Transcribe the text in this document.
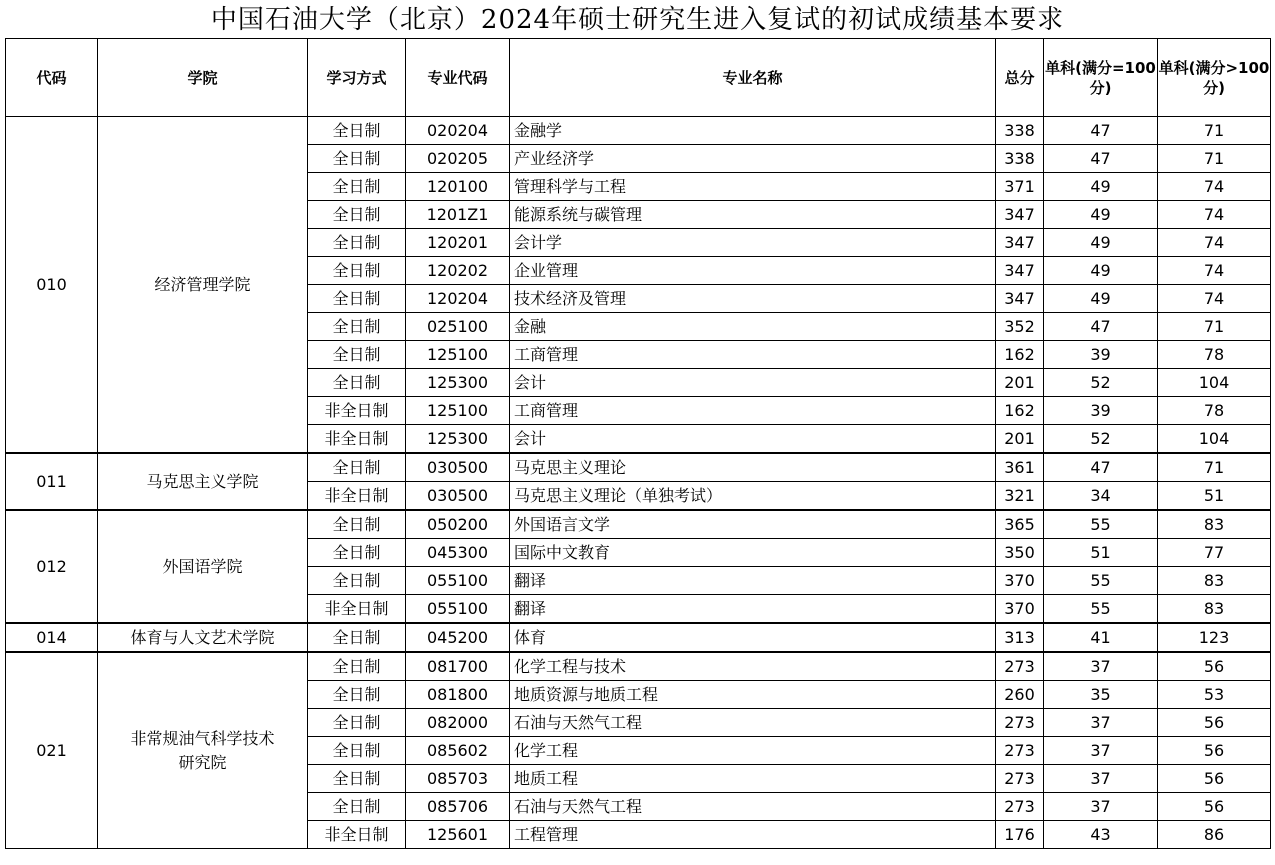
中国石油大学（北京）2024年硕士研究生进入复试的初试成绩基本要求
代码	学院	学习方式	专业代码	专业名称	总分	单科(满分=100分)	单科(满分>100分)
010	经济管理学院	全日制	020204	金融学	338	47	71
		全日制	020205	产业经济学	338	47	71
		全日制	120100	管理科学与工程	371	49	74
		全日制	1201Z1	能源系统与碳管理	347	49	74
		全日制	120201	会计学	347	49	74
		全日制	120202	企业管理	347	49	74
		全日制	120204	技术经济及管理	347	49	74
		全日制	025100	金融	352	47	71
		全日制	125100	工商管理	162	39	78
		全日制	125300	会计	201	52	104
		非全日制	125100	工商管理	162	39	78
		非全日制	125300	会计	201	52	104
011	马克思主义学院	全日制	030500	马克思主义理论	361	47	71
		非全日制	030500	马克思主义理论（单独考试）	321	34	51
012	外国语学院	全日制	050200	外国语言文学	365	55	83
		全日制	045300	国际中文教育	350	51	77
		全日制	055100	翻译	370	55	83
		非全日制	055100	翻译	370	55	83
014	体育与人文艺术学院	全日制	045200	体育	313	41	123
021	非常规油气科学技术研究院	全日制	081700	化学工程与技术	273	37	56
		全日制	081800	地质资源与地质工程	260	35	53
		全日制	082000	石油与天然气工程	273	37	56
		全日制	085602	化学工程	273	37	56
		全日制	085703	地质工程	273	37	56
		全日制	085706	石油与天然气工程	273	37	56
		非全日制	125601	工程管理	176	43	86
